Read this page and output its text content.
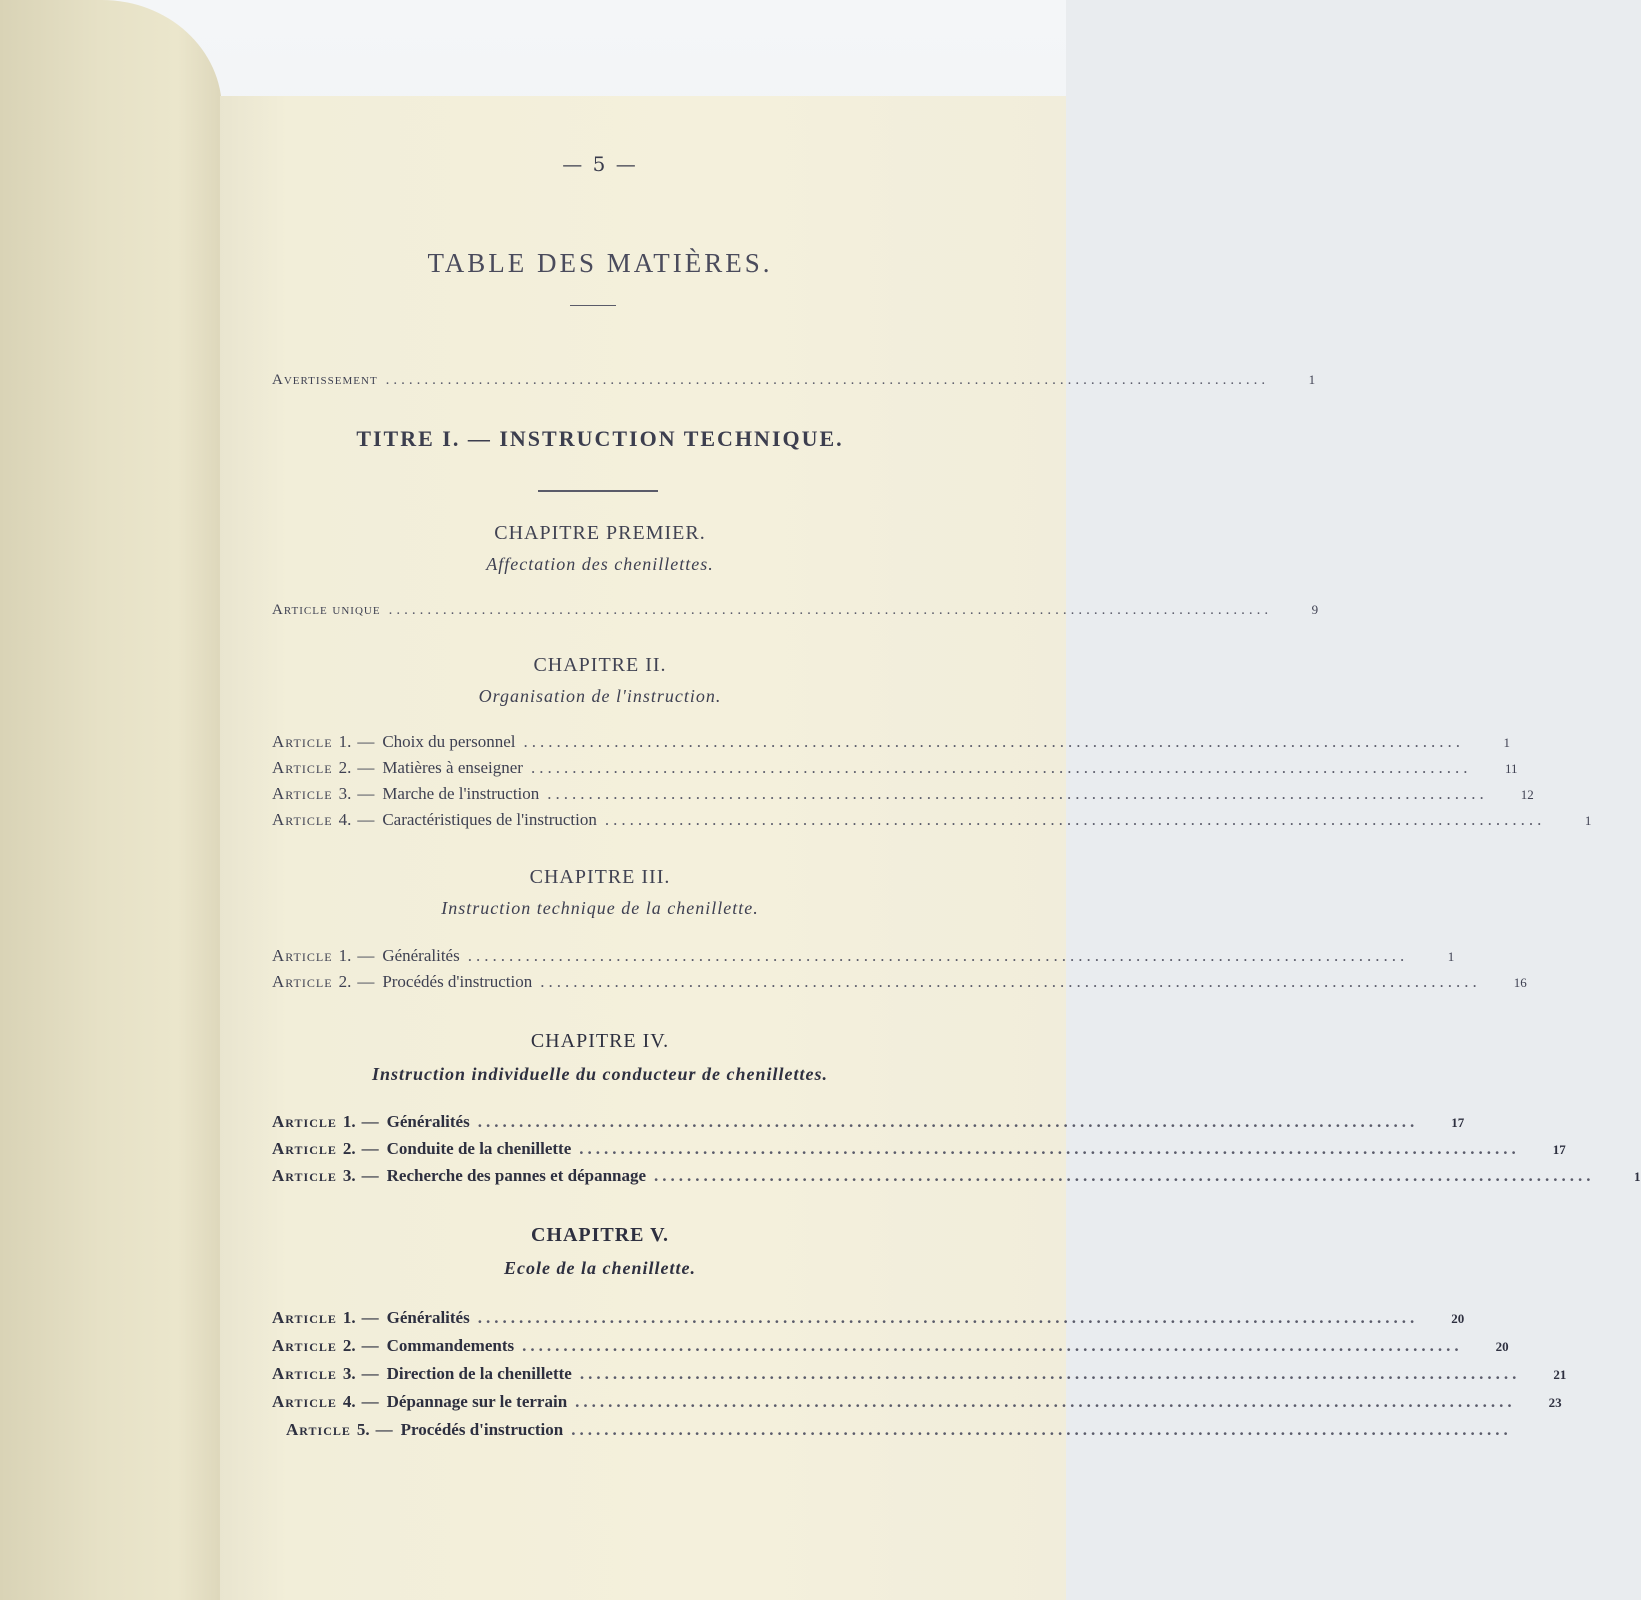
— 5 —
TABLE DES MATIÈRES.
Avertissement ..................................................................................................................	1
TITRE I. — INSTRUCTION TECHNIQUE.
CHAPITRE PREMIER.
Affectation des chenillettes.
Article unique ..................................................................................................................	9
CHAPITRE II.
Organisation de l'instruction.
Article 1. — Choix du personnel ..................................................................................................................	1
Article 2. — Matières à enseigner ..................................................................................................................	11
Article 3. — Marche de l'instruction ..................................................................................................................	12
Article 4. — Caractéristiques de l'instruction ..................................................................................................................	1
CHAPITRE III.
Instruction technique de la chenillette.
Article 1. — Généralités ..................................................................................................................	1
Article 2. — Procédés d'instruction ..................................................................................................................	16
CHAPITRE IV.
Instruction individuelle du conducteur de chenillettes.
Article 1. — Généralités ..................................................................................................................	17
Article 2. — Conduite de la chenillette ..................................................................................................................	17
Article 3. — Recherche des pannes et dépannage ..................................................................................................................	1
CHAPITRE V.
Ecole de la chenillette.
Article 1. — Généralités ..................................................................................................................	20
Article 2. — Commandements ..................................................................................................................	20
Article 3. — Direction de la chenillette ..................................................................................................................	21
Article 4. — Dépannage sur le terrain ..................................................................................................................	23
Article 5. — Procédés d'instruction ..................................................................................................................
